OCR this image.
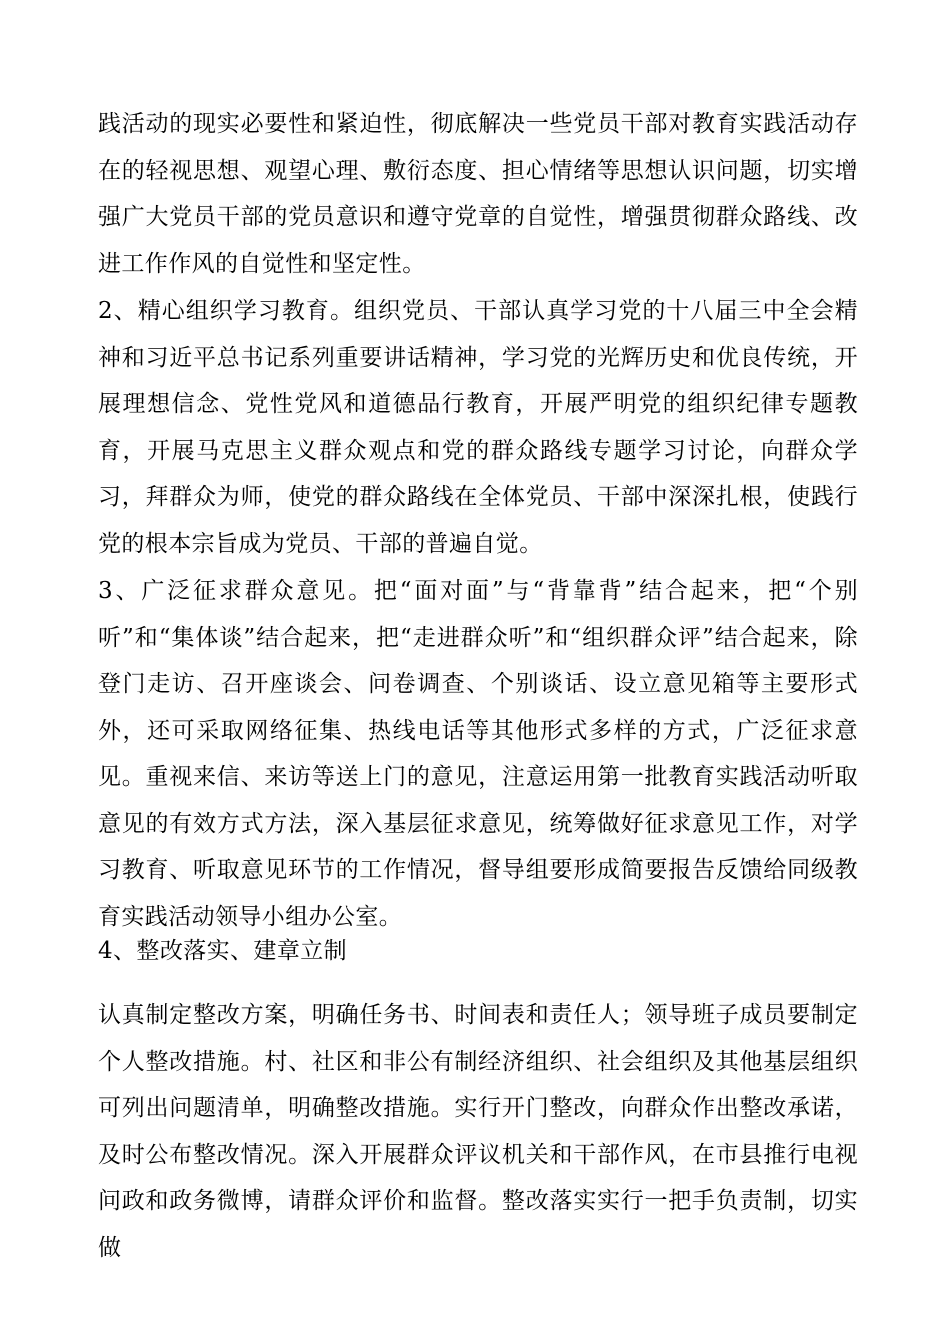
践活动的现实必要性和紧迫性，彻底解决一些党员干部对教育实践活动存在的轻视思想、观望心理、敷衍态度、担心情绪等思想认识问题，切实增强广大党员干部的党员意识和遵守党章的自觉性，增强贯彻群众路线、改进工作作风的自觉性和坚定性。

2、精心组织学习教育。组织党员、干部认真学习党的十八届三中全会精神和习近平总书记系列重要讲话精神，学习党的光辉历史和优良传统，开展理想信念、党性党风和道德品行教育，开展严明党的组织纪律专题教育，开展马克思主义群众观点和党的群众路线专题学习讨论，向群众学习，拜群众为师，使党的群众路线在全体党员、干部中深深扎根，使践行党的根本宗旨成为党员、干部的普遍自觉。

3、广泛征求群众意见。把“面对面”与“背靠背”结合起来，把“个别听”和“集体谈”结合起来，把“走进群众听”和“组织群众评”结合起来，除登门走访、召开座谈会、问卷调查、个别谈话、设立意见箱等主要形式外，还可采取网络征集、热线电话等其他形式多样的方式，广泛征求意见。重视来信、来访等送上门的意见，注意运用第一批教育实践活动听取意见的有效方式方法，深入基层征求意见，统筹做好征求意见工作，对学习教育、听取意见环节的工作情况，督导组要形成简要报告反馈给同级教育实践活动领导小组办公室。

4、整改落实、建章立制

认真制定整改方案，明确任务书、时间表和责任人；领导班子成员要制定个人整改措施。村、社区和非公有制经济组织、社会组织及其他基层组织可列出问题清单，明确整改措施。实行开门整改，向群众作出整改承诺，及时公布整改情况。深入开展群众评议机关和干部作风，在市县推行电视问政和政务微博，请群众评价和监督。整改落实实行一把手负责制，切实做
